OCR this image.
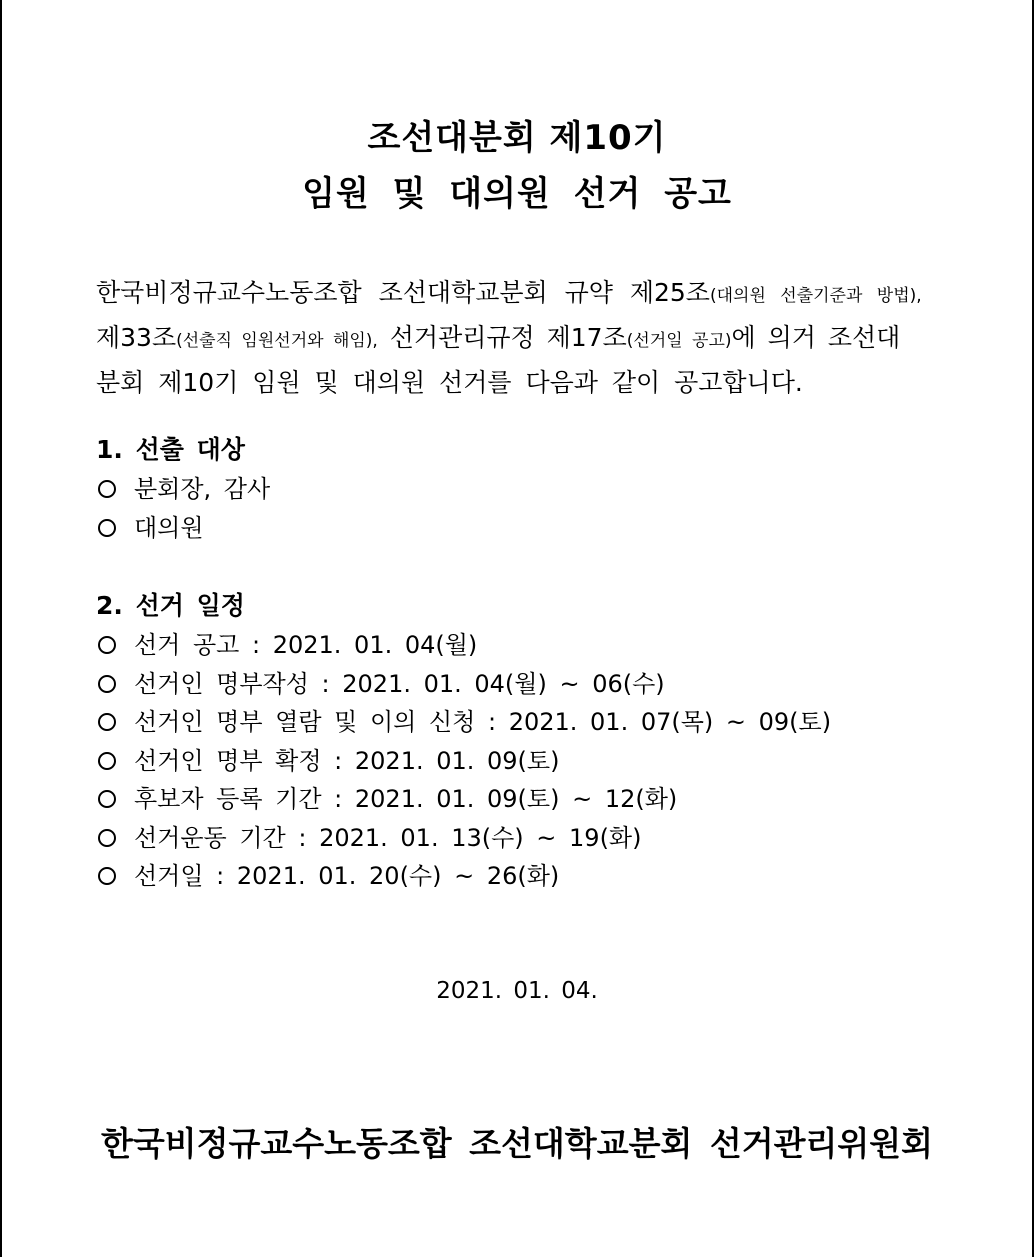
조선대분회 제10기
임원 및 대의원 선거 공고

한국비정규교수노동조합 조선대학교분회 규약 제25조(대의원 선출기준과 방법),

제33조(선출직 임원선거와 해임), 선거관리규정 제17조(선거일 공고)에 의거 조선대

분회 제10기 임원 및 대의원 선거를 다음과 같이 공고합니다.

1. 선출 대상
분회장, 감사
대의원
2. 선거 일정
선거 공고 : 2021. 01. 04(월)
선거인 명부작성 : 2021. 01. 04(월) ~ 06(수)
선거인 명부 열람 및 이의 신청 : 2021. 01. 07(목) ~ 09(토)
선거인 명부 확정 : 2021. 01. 09(토)
후보자 등록 기간 : 2021. 01. 09(토) ~ 12(화)
선거운동 기간 : 2021. 01. 13(수) ~ 19(화)
선거일 : 2021. 01. 20(수) ~ 26(화)
2021. 01. 04.
한국비정규교수노동조합 조선대학교분회 선거관리위원회
